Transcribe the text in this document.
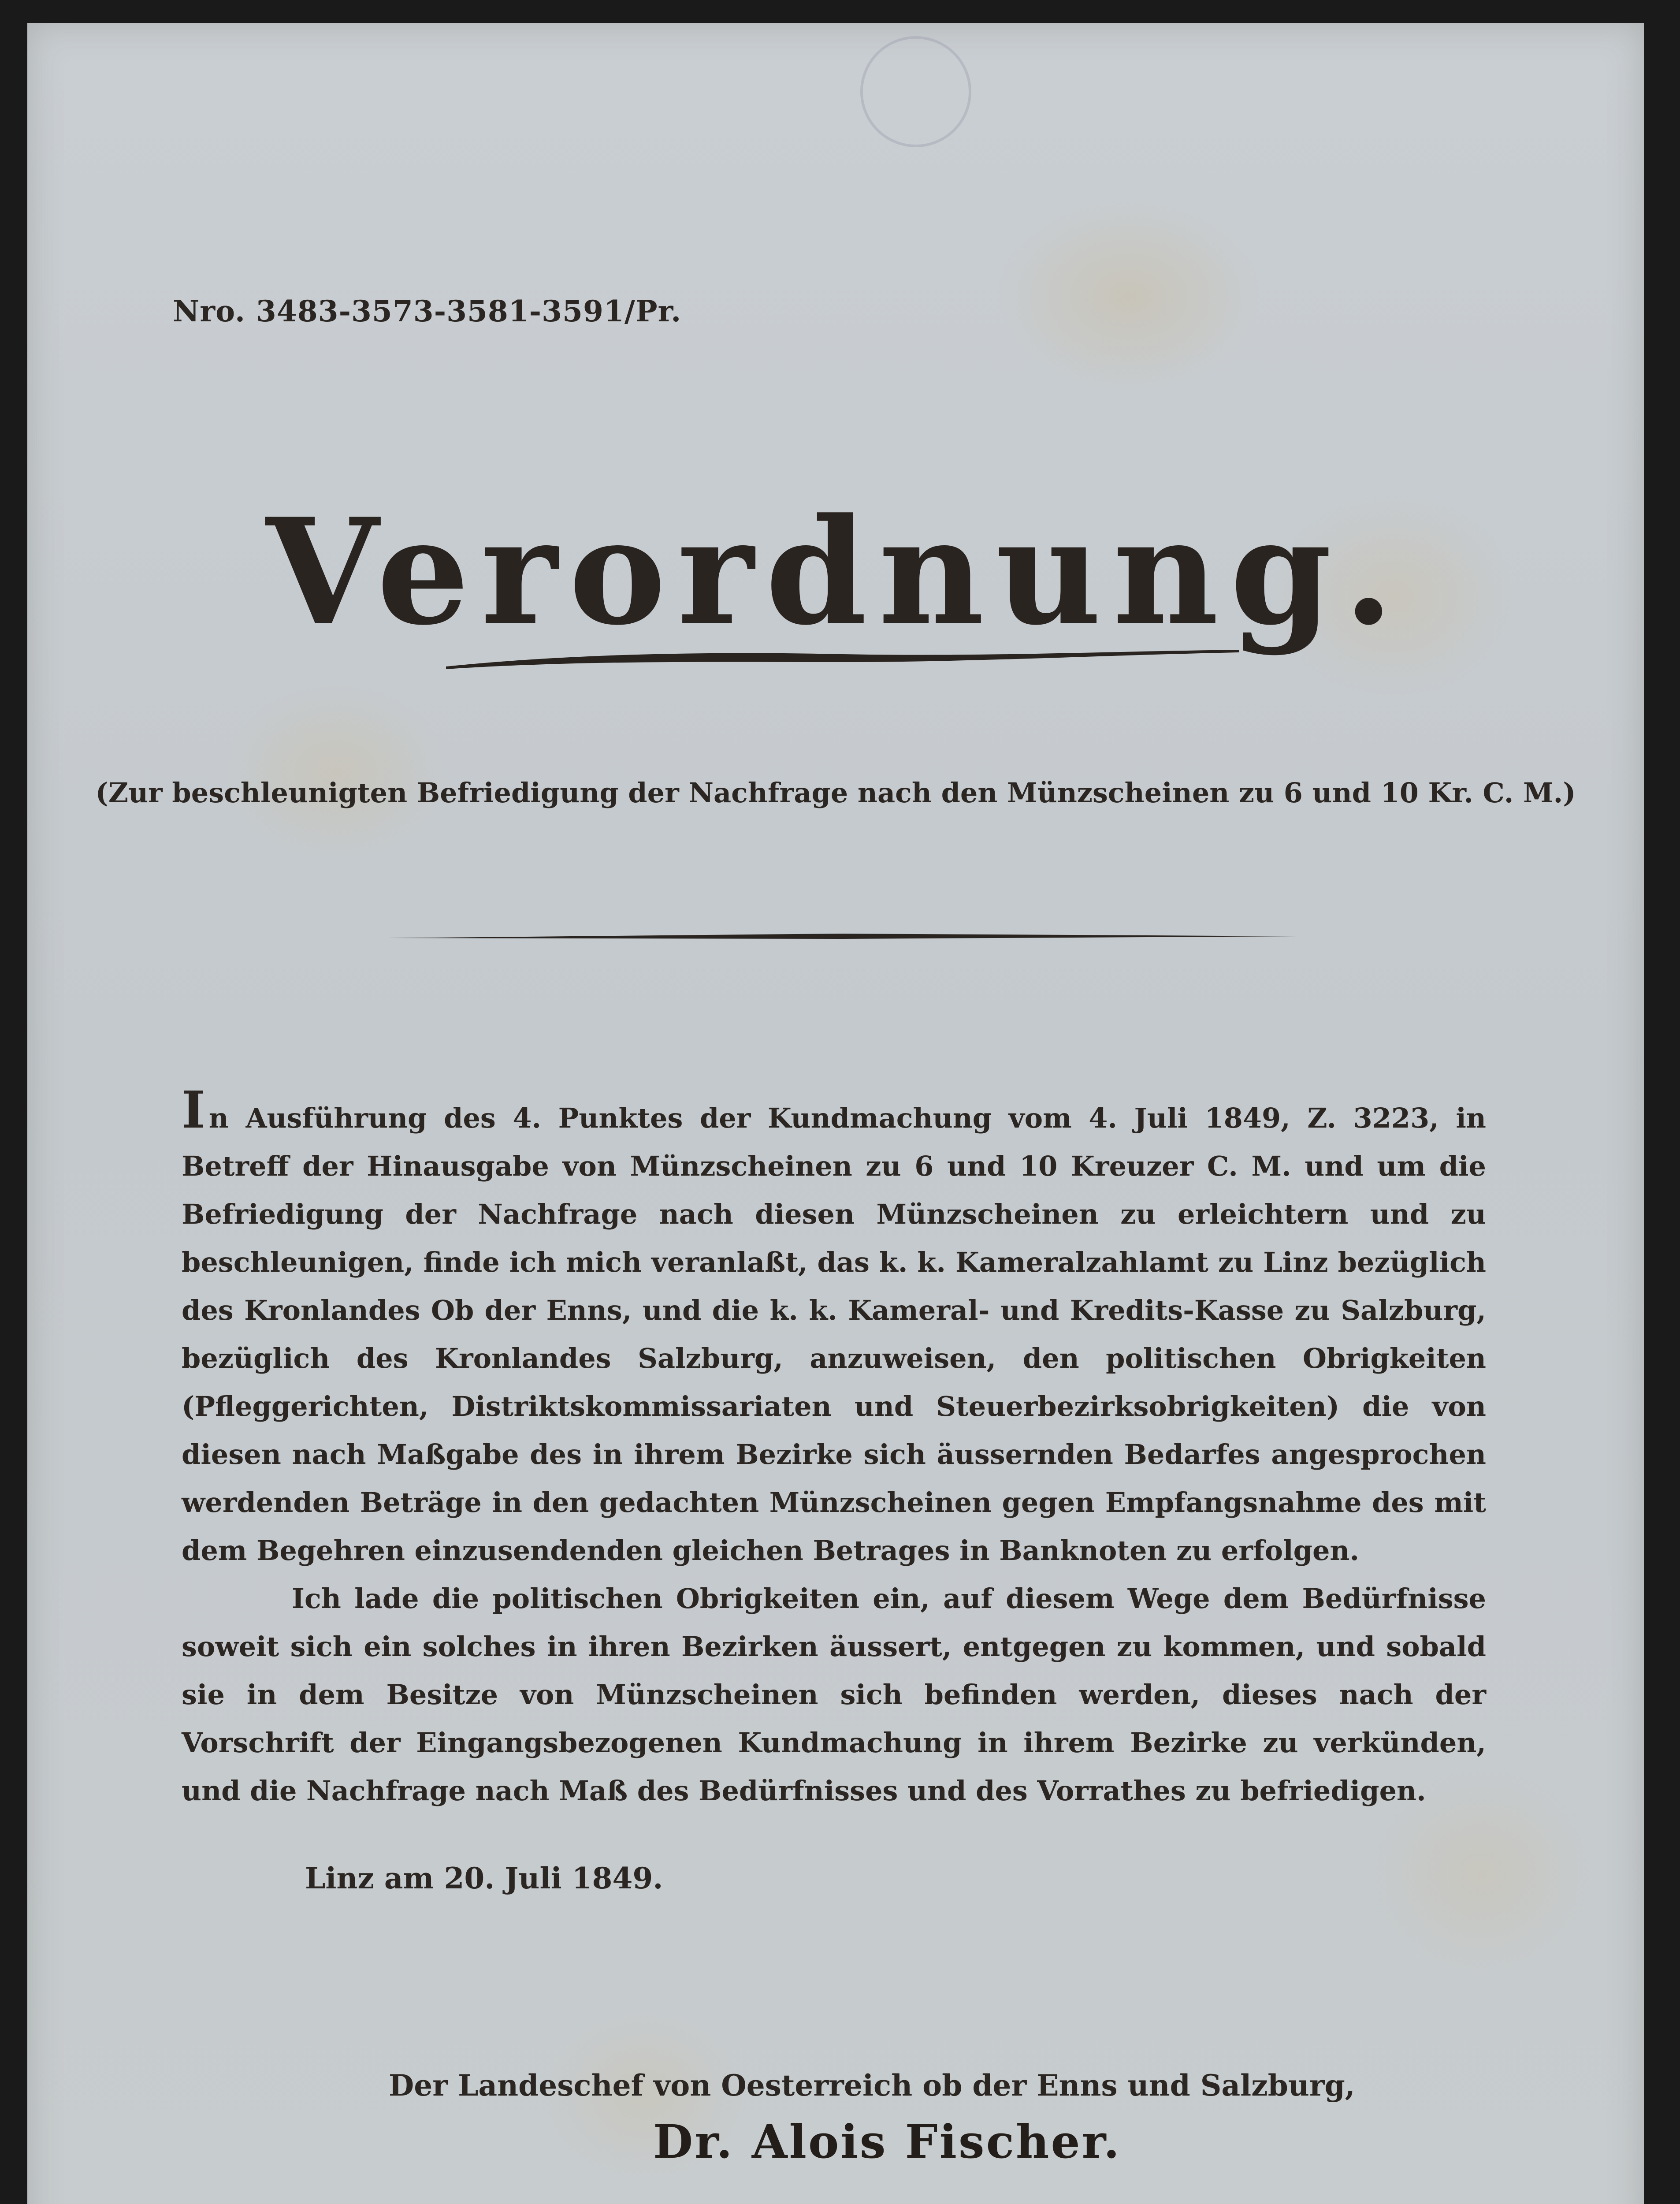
Nro. 3483-3573-3581-3591/Pr.
Verordnung.
(Zur beschleunigten Befriedigung der Nachfrage nach den Münzscheinen zu 6 und 10 Kr. C. M.)

In Ausführung des 4. Punktes der Kundmachung vom 4. Juli 1849, Z. 3223, in Betreff der Hinausgabe von Münzscheinen zu 6 und 10 Kreuzer C. M. und um die Befriedigung der Nachfrage nach diesen Münzscheinen zu erleichtern und zu beschleunigen, finde ich mich veranlaßt, das k. k. Kameralzahlamt zu Linz bezüglich des Kronlandes Ob der Enns, und die k. k. Kameral- und Kredits-Kasse zu Salzburg, bezüglich des Kronlandes Salzburg, anzuweisen, den politischen Obrigkeiten (Pfleggerichten, Distriktskommissariaten und Steuerbezirksobrigkeiten) die von diesen nach Maßgabe des in ihrem Bezirke sich äussernden Bedarfes angesprochen werdenden Beträge in den gedachten Münzscheinen gegen Empfangsnahme des mit dem Begehren einzusendenden gleichen Betrages in Banknoten zu erfolgen.

Ich lade die politischen Obrigkeiten ein, auf diesem Wege dem Bedürfnisse soweit sich ein solches in ihren Bezirken äussert, entgegen zu kommen, und sobald sie in dem Besitze von Münzscheinen sich befinden werden, dieses nach der Vorschrift der Eingangsbezogenen Kundmachung in ihrem Bezirke zu verkünden, und die Nachfrage nach Maß des Bedürfnisses und des Vorrathes zu befriedigen.

Linz am 20. Juli 1849.
Der Landeschef von Oesterreich ob der Enns und Salzburg,
Dr. Alois Fischer.
